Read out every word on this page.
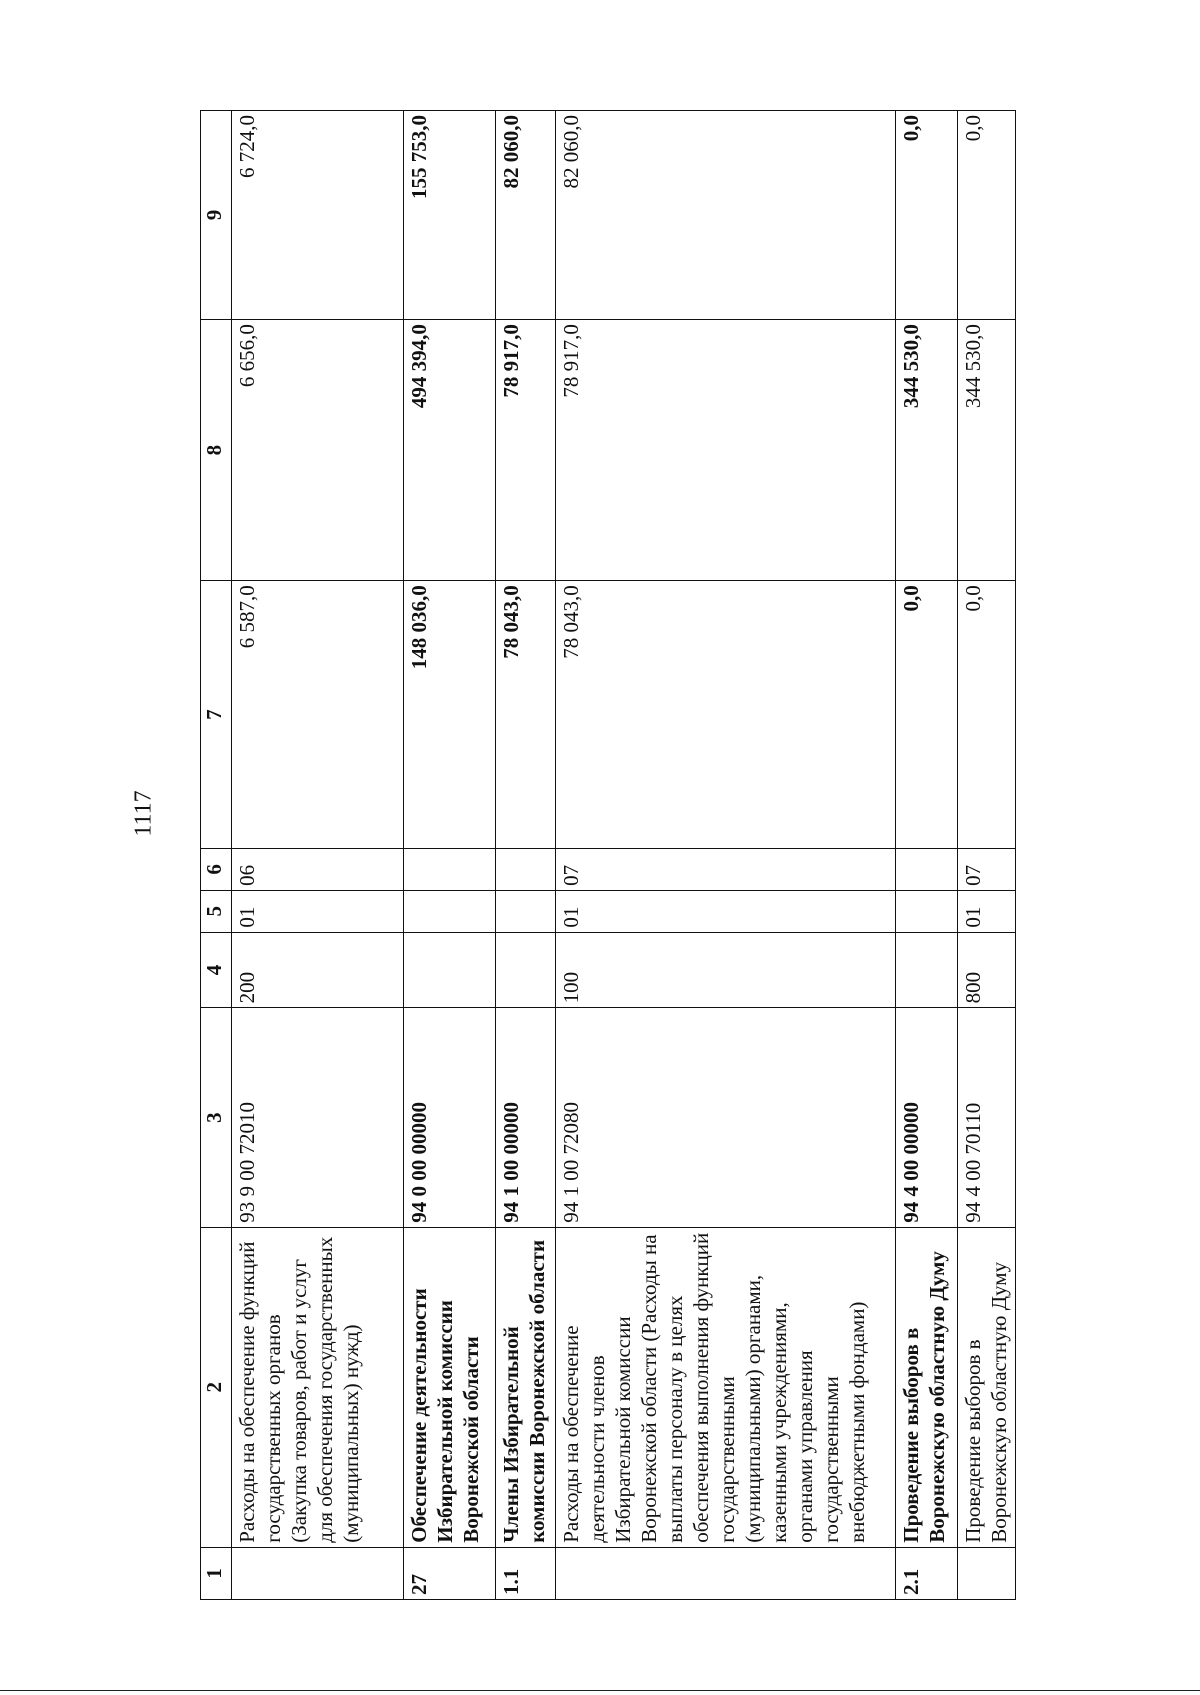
1117
1	2	3	4	5	6	7	8	9
	Расходы на обеспечение функций государственных органов (Закупка товаров, работ и услуг для обеспечения государственных (муниципальных) нужд)	93 9 00 72010	200	01	06	6 587,0	6 656,0	6 724,0
27	Обеспечение деятельности Избирательной комиссии Воронежской области	94 0 00 00000				148 036,0	494 394,0	155 753,0
1.1	Члены Избирательной комиссии Воронежской области	94 1 00 00000				78 043,0	78 917,0	82 060,0
	Расходы на обеспечение деятельности членов Избирательной комиссии Воронежской области (Расходы на выплаты персоналу в целях обеспечения выполнения функций государственными (муниципальными) органами, казенными учреждениями, органами управления государственными внебюджетными фондами)	94 1 00 72080	100	01	07	78 043,0	78 917,0	82 060,0
2.1	Проведение выборов в Воронежскую областную Думу	94 4 00 00000				0,0	344 530,0	0,0
	Проведение выборов в Воронежскую областную Думу	94 4 00 70110	800	01	07	0,0	344 530,0	0,0
